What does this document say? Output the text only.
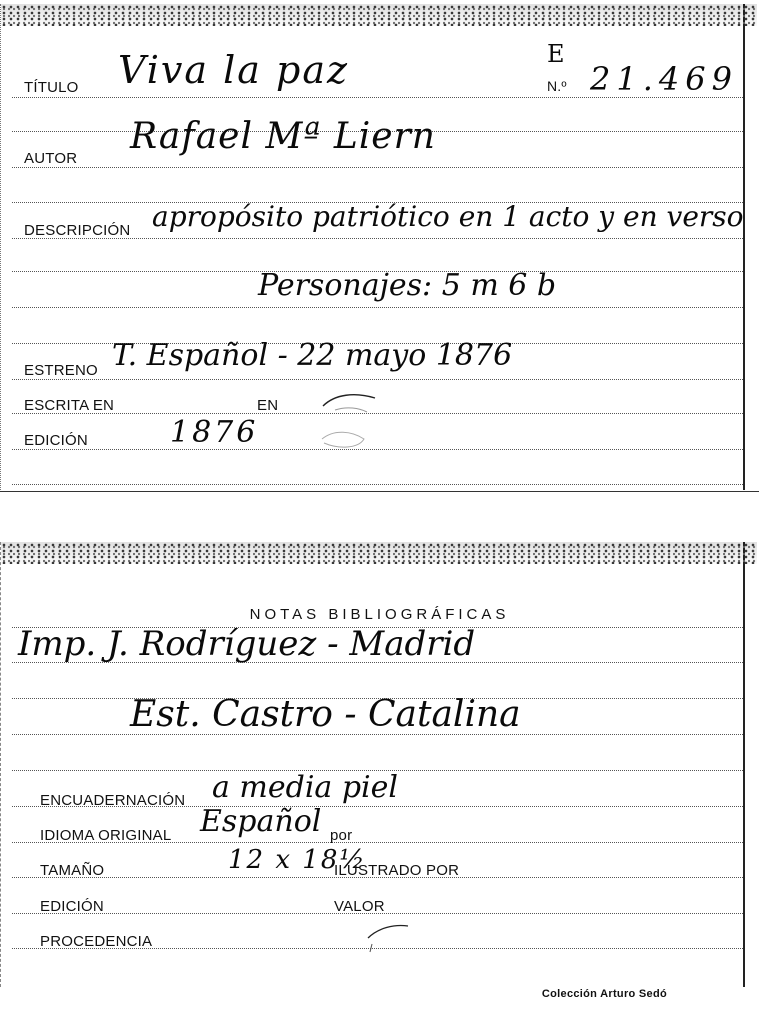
TÍTULO Viva la paz	E
N.º 21.469
AUTOR
Rafael Mª Liern
DESCRIPCIÓN apropósito patriótico en 1 acto y en verso
Personajes: 5 m 6 b
ESTRENO T. Español - 22 mayo 1876
ESCRITA EN	EN
EDICIÓN	1876
NOTAS BIBLIOGRÁFICAS
Imp. J. Rodríguez - Madrid
Est. Castro - Catalina
ENCUADERNACIÓN a media piel
IDIOMA ORIGINAL Español por
TAMAÑO	12 x 18½
ILUSTRADO POR
EDICIÓN	VALOR
PROCEDENCIA
Colección Arturo Sedó
